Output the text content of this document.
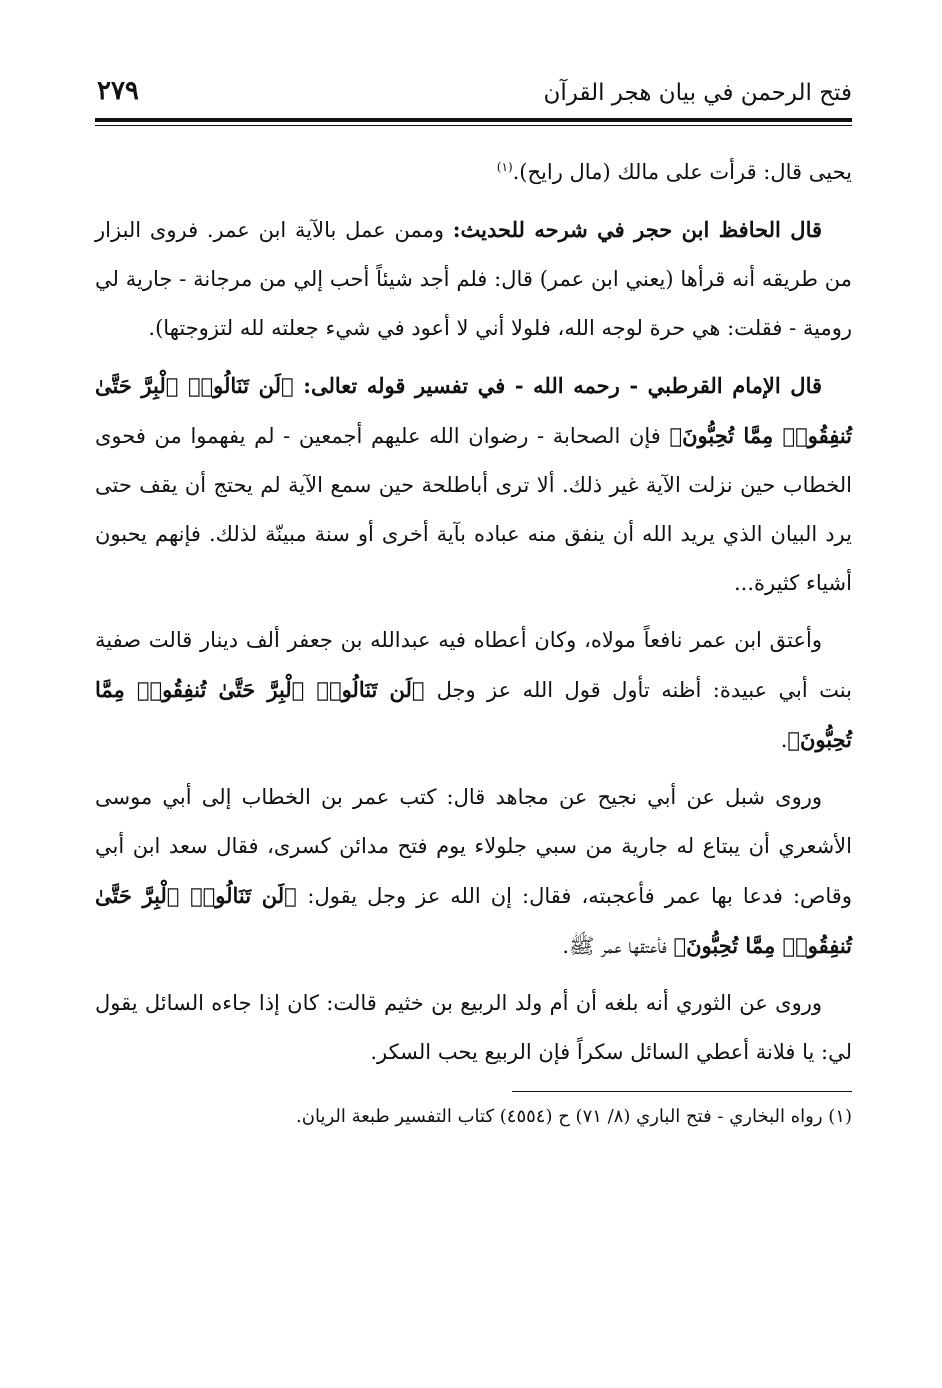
فتح الرحمن في بيان هجر القرآن
٢٧٩

يحيى قال: قرأت على مالك (مال رايح).$^{(١)}$

قال الحافظ ابن حجر في شرحه للحديث: وممن عمل بالآية ابن عمر. فروى البزار من طريقه أنه قرأها (يعني ابن عمر) قال: فلم أجد شيئاً أحب إلي من مرجانة - جارية لي رومية - فقلت: هي حرة لوجه الله، فلولا أني لا أعود في شيء جعلته لله لتزوجتها).

قال الإمام القرطبي - رحمه الله - في تفسير قوله تعالى: ﴿لَن تَنَالُوا۟ ٱلْبِرَّ حَتَّىٰ تُنفِقُوا۟ مِمَّا تُحِبُّونَ﴾ فإن الصحابة - رضوان الله عليهم أجمعين - لم يفهموا من فحوى الخطاب حين نزلت الآية غير ذلك. ألا ترى أباطلحة حين سمع الآية لم يحتج أن يقف حتى يرد البيان الذي يريد الله أن ينفق منه عباده بآية أخرى أو سنة مبينّة لذلك. فإنهم يحبون أشياء كثيرة...

وأعتق ابن عمر نافعاً مولاه، وكان أعطاه فيه عبدالله بن جعفر ألف دينار قالت صفية بنت أبي عبيدة: أظنه تأول قول الله عز وجل ﴿لَن تَنَالُوا۟ ٱلْبِرَّ حَتَّىٰ تُنفِقُوا۟ مِمَّا تُحِبُّونَ﴾.

وروى شبل عن أبي نجيح عن مجاهد قال: كتب عمر بن الخطاب إلى أبي موسى الأشعري أن يبتاع له جارية من سبي جلولاء يوم فتح مدائن كسرى، فقال سعد ابن أبي وقاص: فدعا بها عمر فأعجبته، فقال: إن الله عز وجل يقول: ﴿لَن تَنَالُوا۟ ٱلْبِرَّ حَتَّىٰ تُنفِقُوا۟ مِمَّا تُحِبُّونَ﴾ فأعتقها عمر ﷺ.

وروى عن الثوري أنه بلغه أن أم ولد الربيع بن خثيم قالت: كان إذا جاءه السائل يقول لي: يا فلانة أعطي السائل سكراً فإن الربيع يحب السكر.

(١) رواه البخاري - فتح الباري (٨/ ٧١) ح (٤٥٥٤) كتاب التفسير طبعة الريان.
